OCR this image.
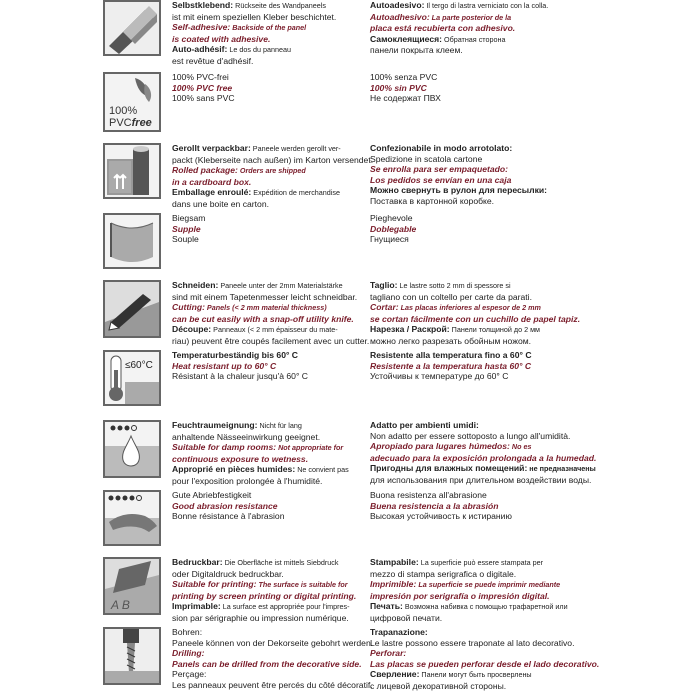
Selbstklebend: Rückseite des Wandpaneels
ist mit einem speziellen Kleber beschichtet.
Self-adhesive: Backside of the panel
is coated with adhesive.
Auto-adhésif: Le dos du panneau
est revêtue d'adhésif.
Autoadesivo: Il tergo di lastra verniciato con la colla.
Autoadhesivo: La parte posterior de la
placa está recubierta con adhesivo.
Самоклеящиеся: Обратная сторона
панели покрыта клеем.
100%
PVCfree
100% PVC-frei
100% PVC free
100% sans PVC
100% senza PVC
100% sin PVC
Не содержат ПВХ
Gerollt verpackbar: Paneele werden gerollt ver-
packt (Kleberseite nach außen) im Karton versendet.
Rolled package: Orders are shipped
in a cardboard box.
Emballage enroulé: Expédition de merchandise
dans une boite en carton.
Confezionabile in modo arrotolato:
Spedizione in scatola cartone
Se enrolla para ser empaquetado:
Los pedidos se envían en una caja
Можно свернуть в рулон для пересылки:
Поставка в картонной коробке.
Biegsam
Supple
Souple
Pieghevole
Doblegable
Гнущиеся
Schneiden: Paneele unter der 2mm Materialstärke
sind mit einem Tapetenmesser leicht schneidbar.
Cutting: Panels (< 2 mm material thickness)
can be cut easily with a snap-off utility knife.
Découpe: Panneaux (< 2 mm épaisseur du mate-
riau) peuvent être coupés facilement avec un cutter.
Taglio: Le lastre sotto 2 mm di spessore si
tagliano con un coltello per carte da parati.
Cortar: Las placas inferiores al espesor de 2 mm
se cortan fácilmente con un cuchillo de papel tapiz.
Нарезка / Раскрой: Панели толщиной до 2 мм
можно легко разрезать обойным ножом.
≤60°C
Temperaturbeständig bis 60° C
Heat resistant up to 60° C
Résistant à la chaleur jusqu'à 60° C
Resistente alla temperatura fino a 60° C
Resistente a la temperatura hasta 60° C
Устойчивы к температуре до 60° C
Feuchtraumeignung: Nicht für lang
anhaltende Nässeeinwirkung geeignet.
Suitable for damp rooms: Not appropriate for
continuous exposure to wetness.
Approprié en pièces humides: Ne convient pas
pour l'exposition prolongée à l'humidité.
Adatto per ambienti umidi:
Non adatto per essere sottoposto a lungo all'umidità.
Apropiado para lugares húmedos: No es
adecuado para la exposición prolongada a la humedad.
Пригодны для влажных помещений: не предназначены
для использования при длительном воздействии воды.
Gute Abriebfestigkeit
Good abrasion resistance
Bonne résistance à l'abrasion
Buona resistenza all'abrasione
Buena resistencia a la abrasión
Высокая устойчивость к истиранию
A B
Bedruckbar: Die Oberfläche ist mittels Siebdruck
oder Digitaldruck bedruckbar.
Suitable for printing: The surface is suitable for
printing by screen printing or digital printing.
Imprimable: La surface est appropriée pour l'impres-
sion par sérigraphie ou impression numérique.
Stampabile: La superficie può essere stampata per
mezzo di stampa serigrafica o digitale.
Imprimible: La superficie se puede imprimir mediante
impresión por serigrafía o impresión digital.
Печать: Возможна набивка с помощью трафаретной или
цифровой печати.
Bohren:
Paneele können von der Dekorseite gebohrt werden.
Drilling:
Panels can be drilled from the decorative side.
Perçage:
Les panneaux peuvent être percés du côté décoratif.
Trapanazione:
Le lastre possono essere traponate al lato decorativo.
Perforar:
Las placas se pueden perforar desde el lado decorativo.
Сверление: Панели могут быть просверлены
с лицевой декоративной стороны.
